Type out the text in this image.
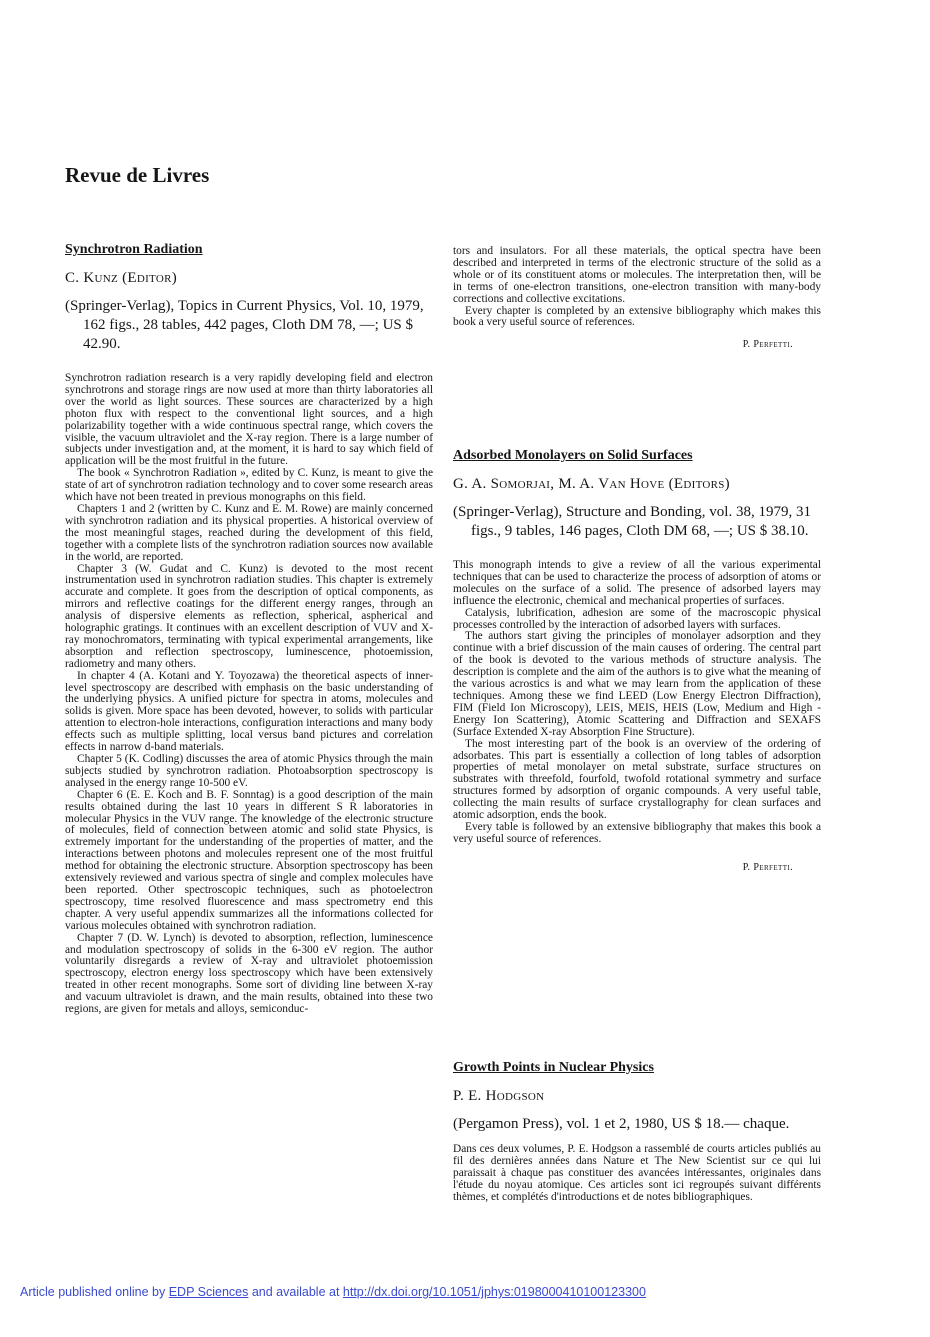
Revue de Livres
Synchrotron Radiation

C. Kunz (Editor)

(Springer-Verlag), Topics in Current Physics, Vol. 10, 1979, 162 figs., 28 tables, 442 pages, Cloth DM 78, —; US $ 42.90.

Synchrotron radiation research is a very rapidly developing field and electron synchrotrons and storage rings are now used at more than thirty laboratories all over the world as light sources. These sources are characterized by a high photon flux with respect to the conventional light sources, and a high polarizability together with a wide continuous spectral range, which covers the visible, the vacuum ultraviolet and the X-ray region. There is a large number of subjects under investigation and, at the moment, it is hard to say which field of application will be the most fruitful in the future.

The book « Synchrotron Radiation », edited by C. Kunz, is meant to give the state of art of synchrotron radiation technology and to cover some research areas which have not been treated in previous monographs on this field.

Chapters 1 and 2 (written by C. Kunz and E. M. Rowe) are mainly concerned with synchrotron radiation and its physical properties. A historical overview of the most meaningful stages, reached during the development of this field, together with a complete lists of the synchrotron radiation sources now available in the world, are reported.

Chapter 3 (W. Gudat and C. Kunz) is devoted to the most recent instrumentation used in synchrotron radiation studies. This chapter is extremely accurate and complete. It goes from the description of optical components, as mirrors and reflective coatings for the different energy ranges, through an analysis of dispersive elements as reflection, spherical, aspherical and holographic gratings. It continues with an excellent description of VUV and X-ray monochromators, terminating with typical experimental arrangements, like absorption and reflection spectroscopy, luminescence, photoemission, radiometry and many others.

In chapter 4 (A. Kotani and Y. Toyozawa) the theoretical aspects of inner-level spectroscopy are described with emphasis on the basic understanding of the underlying physics. A unified picture for spectra in atoms, molecules and solids is given. More space has been devoted, however, to solids with particular attention to electron-hole interactions, configuration interactions and many body effects such as multiple splitting, local versus band pictures and correlation effects in narrow d-band materials.

Chapter 5 (K. Codling) discusses the area of atomic Physics through the main subjects studied by synchrotron radiation. Photoabsorption spectroscopy is analysed in the energy range 10-500 eV.

Chapter 6 (E. E. Koch and B. F. Sonntag) is a good description of the main results obtained during the last 10 years in different S R laboratories in molecular Physics in the VUV range. The knowledge of the electronic structure of molecules, field of connection between atomic and solid state Physics, is extremely important for the understanding of the properties of matter, and the interactions between photons and molecules represent one of the most fruitful method for obtaining the electronic structure. Absorption spectroscopy has been extensively reviewed and various spectra of single and complex molecules have been reported. Other spectroscopic techniques, such as photoelectron spectroscopy, time resolved fluorescence and mass spectrometry end this chapter. A very useful appendix summarizes all the informations collected for various molecules obtained with synchrotron radiation.

Chapter 7 (D. W. Lynch) is devoted to absorption, reflection, luminescence and modulation spectroscopy of solids in the 6-300 eV region. The author voluntarily disregards a review of X-ray and ultraviolet photoemission spectroscopy, electron energy loss spectroscopy which have been extensively treated in other recent monographs. Some sort of dividing line between X-ray and vacuum ultraviolet is drawn, and the main results, obtained into these two regions, are given for metals and alloys, semiconduc-

tors and insulators. For all these materials, the optical spectra have been described and interpreted in terms of the electronic structure of the solid as a whole or of its constituent atoms or molecules. The interpretation then, will be in terms of one-electron transitions, one-electron transition with many-body corrections and collective excitations.

Every chapter is completed by an extensive bibliography which makes this book a very useful source of references.

P. Perfetti.

Adsorbed Monolayers on Solid Surfaces

G. A. Somorjai, M. A. Van Hove (Editors)

(Springer-Verlag), Structure and Bonding, vol. 38, 1979, 31 figs., 9 tables, 146 pages, Cloth DM 68, —; US $ 38.10.

This monograph intends to give a review of all the various experimental techniques that can be used to characterize the process of adsorption of atoms or molecules on the surface of a solid. The presence of adsorbed layers may influence the electronic, chemical and mechanical properties of surfaces.

Catalysis, lubrification, adhesion are some of the macroscopic physical processes controlled by the interaction of adsorbed layers with surfaces.

The authors start giving the principles of monolayer adsorption and they continue with a brief discussion of the main causes of ordering. The central part of the book is devoted to the various methods of structure analysis. The description is complete and the aim of the authors is to give what the meaning of the various acrostics is and what we may learn from the application of these techniques. Among these we find LEED (Low Energy Electron Diffraction), FIM (Field Ion Microscopy), LEIS, MEIS, HEIS (Low, Medium and High - Energy Ion Scattering), Atomic Scattering and Diffraction and SEXAFS (Surface Extended X-ray Absorption Fine Structure).

The most interesting part of the book is an overview of the ordering of adsorbates. This part is essentially a collection of long tables of adsorption properties of metal monolayer on metal substrate, surface structures on substrates with threefold, fourfold, twofold rotational symmetry and surface structures formed by adsorption of organic compounds. A very useful table, collecting the main results of surface crystallography for clean surfaces and atomic adsorption, ends the book.

Every table is followed by an extensive bibliography that makes this book a very useful source of references.

P. Perfetti.

Growth Points in Nuclear Physics

P. E. Hodgson

(Pergamon Press), vol. 1 et 2, 1980, US $ 18.— chaque.

Dans ces deux volumes, P. E. Hodgson a rassemblé de courts articles publiés au fil des dernières années dans Nature et The New Scientist sur ce qui lui paraissait à chaque pas constituer des avancées intéressantes, originales dans l'étude du noyau atomique. Ces articles sont ici regroupés suivant différents thèmes, et complétés d'introductions et de notes bibliographiques.

Article published online by EDP Sciences and available at http://dx.doi.org/10.1051/jphys:0198000410100123300
